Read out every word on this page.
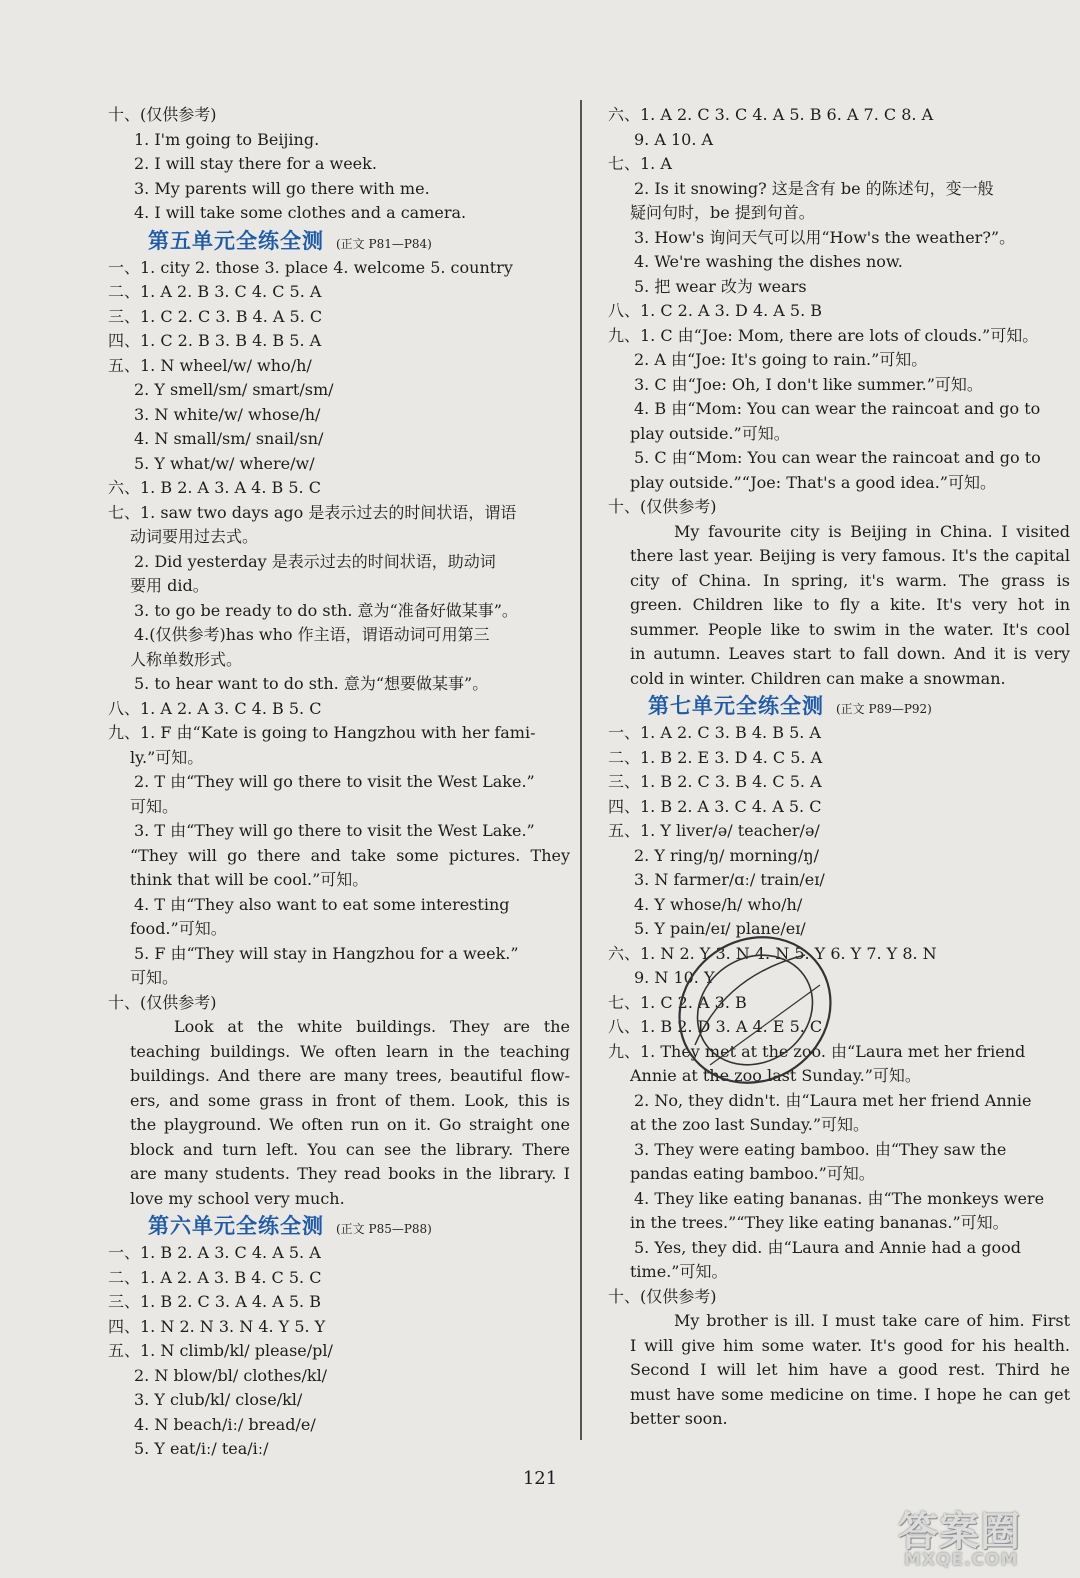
十、(仅供参考)
1. I'm going to Beijing.
2. I will stay there for a week.
3. My parents will go there with me.
4. I will take some clothes and a camera.
第五单元全练全测 (正文 P81—P84)
一、1. city 2. those 3. place 4. welcome 5. country
二、1. A 2. B 3. C 4. C 5. A
三、1. C 2. C 3. B 4. A 5. C
四、1. C 2. B 3. B 4. B 5. A
五、1. N wheel/w/ who/h/
2. Y smell/sm/ smart/sm/
3. N white/w/ whose/h/
4. N small/sm/ snail/sn/
5. Y what/w/ where/w/
六、1. B 2. A 3. A 4. B 5. C
七、1. saw two days ago 是表示过去的时间状语，谓语
动词要用过去式。
2. Did yesterday 是表示过去的时间状语，助动词
要用 did。
3. to go be ready to do sth. 意为“准备好做某事”。
4.(仅供参考)has who 作主语，谓语动词可用第三
人称单数形式。
5. to hear want to do sth. 意为“想要做某事”。
八、1. A 2. A 3. C 4. B 5. C
九、1. F 由“Kate is going to Hangzhou with her fami-
ly.”可知。
2. T 由“They will go there to visit the West Lake.”
可知。
3. T 由“They will go there to visit the West Lake.”
“They will go there and take some pictures. They
think that will be cool.”可知。
4. T 由“They also want to eat some interesting
food.”可知。
5. F 由“They will stay in Hangzhou for a week.”
可知。
十、(仅供参考)
Look at the white buildings. They are the
teaching buildings. We often learn in the teaching
buildings. And there are many trees, beautiful flow-
ers, and some grass in front of them. Look, this is
the playground. We often run on it. Go straight one
block and turn left. You can see the library. There
are many students. They read books in the library. I
love my school very much.
第六单元全练全测 (正文 P85—P88)
一、1. B 2. A 3. C 4. A 5. A
二、1. A 2. A 3. B 4. C 5. C
三、1. B 2. C 3. A 4. A 5. B
四、1. N 2. N 3. N 4. Y 5. Y
五、1. N climb/kl/ please/pl/
2. N blow/bl/ clothes/kl/
3. Y club/kl/ close/kl/
4. N beach/iː/ bread/e/
5. Y eat/iː/ tea/iː/
六、1. A 2. C 3. C 4. A 5. B 6. A 7. C 8. A
9. A 10. A
七、1. A
2. Is it snowing? 这是含有 be 的陈述句，变一般
疑问句时，be 提到句首。
3. How's 询问天气可以用“How's the weather?”。
4. We're washing the dishes now.
5. 把 wear 改为 wears
八、1. C 2. A 3. D 4. A 5. B
九、1. C 由“Joe: Mom, there are lots of clouds.”可知。
2. A 由“Joe: It's going to rain.”可知。
3. C 由“Joe: Oh, I don't like summer.”可知。
4. B 由“Mom: You can wear the raincoat and go to
play outside.”可知。
5. C 由“Mom: You can wear the raincoat and go to
play outside.”“Joe: That's a good idea.”可知。
十、(仅供参考)
My favourite city is Beijing in China. I visited
there last year. Beijing is very famous. It's the capital
city of China. In spring, it's warm. The grass is
green. Children like to fly a kite. It's very hot in
summer. People like to swim in the water. It's cool
in autumn. Leaves start to fall down. And it is very
cold in winter. Children can make a snowman.
第七单元全练全测 (正文 P89—P92)
一、1. A 2. C 3. B 4. B 5. A
二、1. B 2. E 3. D 4. C 5. A
三、1. B 2. C 3. B 4. C 5. A
四、1. B 2. A 3. C 4. A 5. C
五、1. Y liver/ə/ teacher/ə/
2. Y ring/ŋ/ morning/ŋ/
3. N farmer/ɑː/ train/eɪ/
4. Y whose/h/ who/h/
5. Y pain/eɪ/ plane/eɪ/
六、1. N 2. Y 3. N 4. N 5. Y 6. Y 7. Y 8. N
9. N 10. Y
七、1. C 2. A 3. B
八、1. B 2. D 3. A 4. E 5. C
九、1. They met at the zoo. 由“Laura met her friend
Annie at the zoo last Sunday.”可知。
2. No, they didn't. 由“Laura met her friend Annie
at the zoo last Sunday.”可知。
3. They were eating bamboo. 由“They saw the
pandas eating bamboo.”可知。
4. They like eating bananas. 由“The monkeys were
in the trees.”“They like eating bananas.”可知。
5. Yes, they did. 由“Laura and Annie had a good
time.”可知。
十、(仅供参考)
My brother is ill. I must take care of him. First
I will give him some water. It's good for his health.
Second I will let him have a good rest. Third he
must have some medicine on time. I hope he can get
better soon.
121
答案圈
MXQE.COM
